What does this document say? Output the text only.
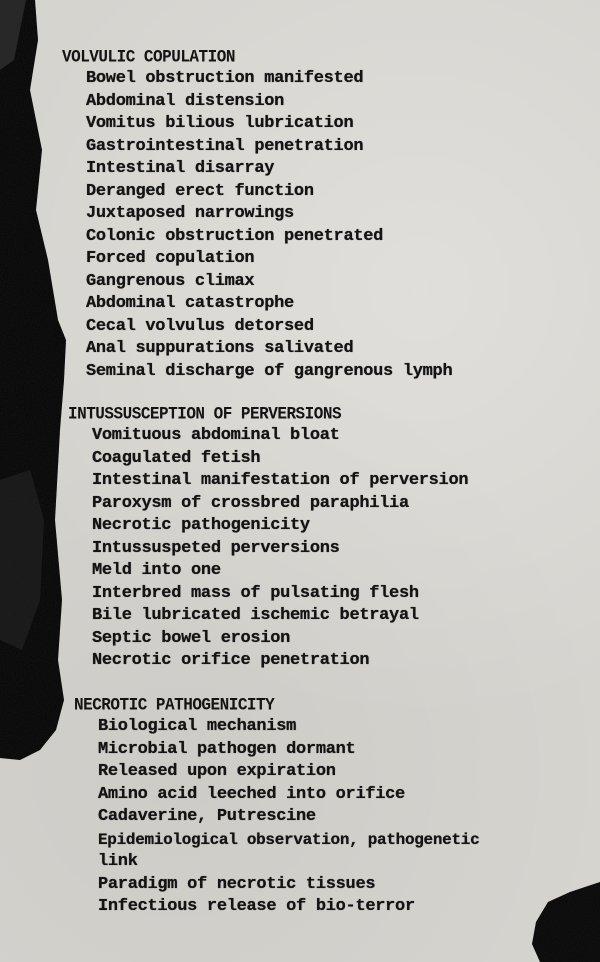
VOLVULIC COPULATION
Bowel obstruction manifested
Abdominal distension
Vomitus bilious lubrication
Gastrointestinal penetration
Intestinal disarray
Deranged erect function
Juxtaposed narrowings
Colonic obstruction penetrated
Forced copulation
Gangrenous climax
Abdominal catastrophe
Cecal volvulus detorsed
Anal suppurations salivated
Seminal discharge of gangrenous lymph
INTUSSUSCEPTION OF PERVERSIONS
Vomituous abdominal bloat
Coagulated fetish
Intestinal manifestation of perversion
Paroxysm of crossbred paraphilia
Necrotic pathogenicity
Intussuspeted perversions
Meld into one
Interbred mass of pulsating flesh
Bile lubricated ischemic betrayal
Septic bowel erosion
Necrotic orifice penetration
NECROTIC PATHOGENICITY
Biological mechanism
Microbial pathogen dormant
Released upon expiration
Amino acid leeched into orifice
Cadaverine, Putrescine
Epidemiological observation, pathogenetic
link
Paradigm of necrotic tissues
Infectious release of bio-terror
